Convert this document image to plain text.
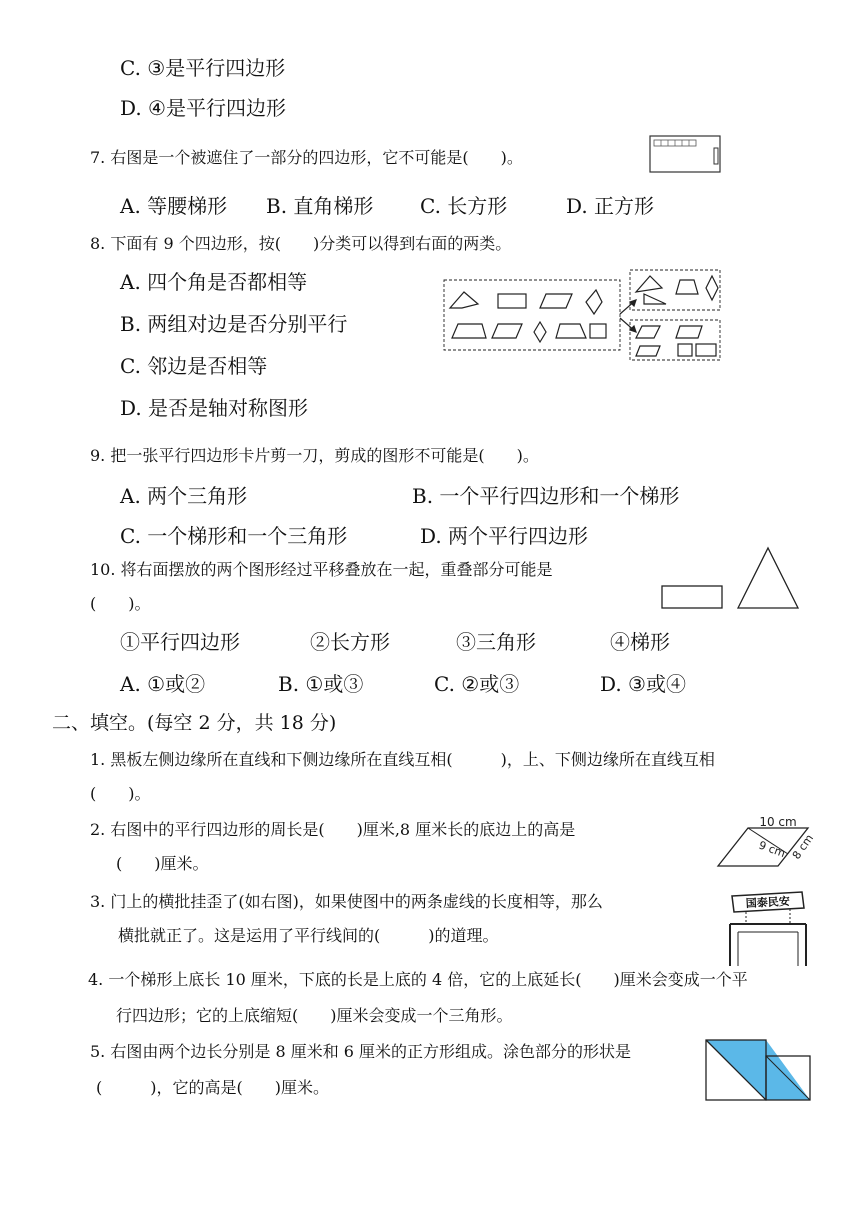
C. ③是平行四边形
D. ④是平行四边形
7. 右图是一个被遮住了一部分的四边形，它不可能是(　　)。
A. 等腰梯形 B. 直角梯形 C. 长方形	D. 正方形
8. 下面有 9 个四边形，按(　　)分类可以得到右面的两类。
A. 四个角是否都相等
B. 两组对边是否分别平行
C. 邻边是否相等
D. 是否是轴对称图形
9. 把一张平行四边形卡片剪一刀，剪成的图形不可能是(　　)。
A. 两个三角形	B. 一个平行四边形和一个梯形
C. 一个梯形和一个三角形	D. 两个平行四边形
10. 将右面摆放的两个图形经过平移叠放在一起，重叠部分可能是
(　　)。
①平行四边形	②长方形	③三角形	④梯形
A. ①或②	B. ①或③	C. ②或③	D. ③或④
二、填空。(每空 2 分，共 18 分)
1. 黑板左侧边缘所在直线和下侧边缘所在直线互相(　　　)，上、下侧边缘所在直线互相
(　　)。
2. 右图中的平行四边形的周长是(　　)厘米,8 厘米长的底边上的高是
(　　)厘米。
10 cm
9 cm 8 cm
3. 门上的横批挂歪了(如右图)，如果使图中的两条虚线的长度相等，那么
横批就正了。这是运用了平行线间的(　　　)的道理。
国泰民安
4. 一个梯形上底长 10 厘米，下底的长是上底的 4 倍，它的上底延长(　　)厘米会变成一个平
行四边形；它的上底缩短(　　)厘米会变成一个三角形。
5. 右图由两个边长分别是 8 厘米和 6 厘米的正方形组成。涂色部分的形状是
(　　　)，它的高是(　　)厘米。
